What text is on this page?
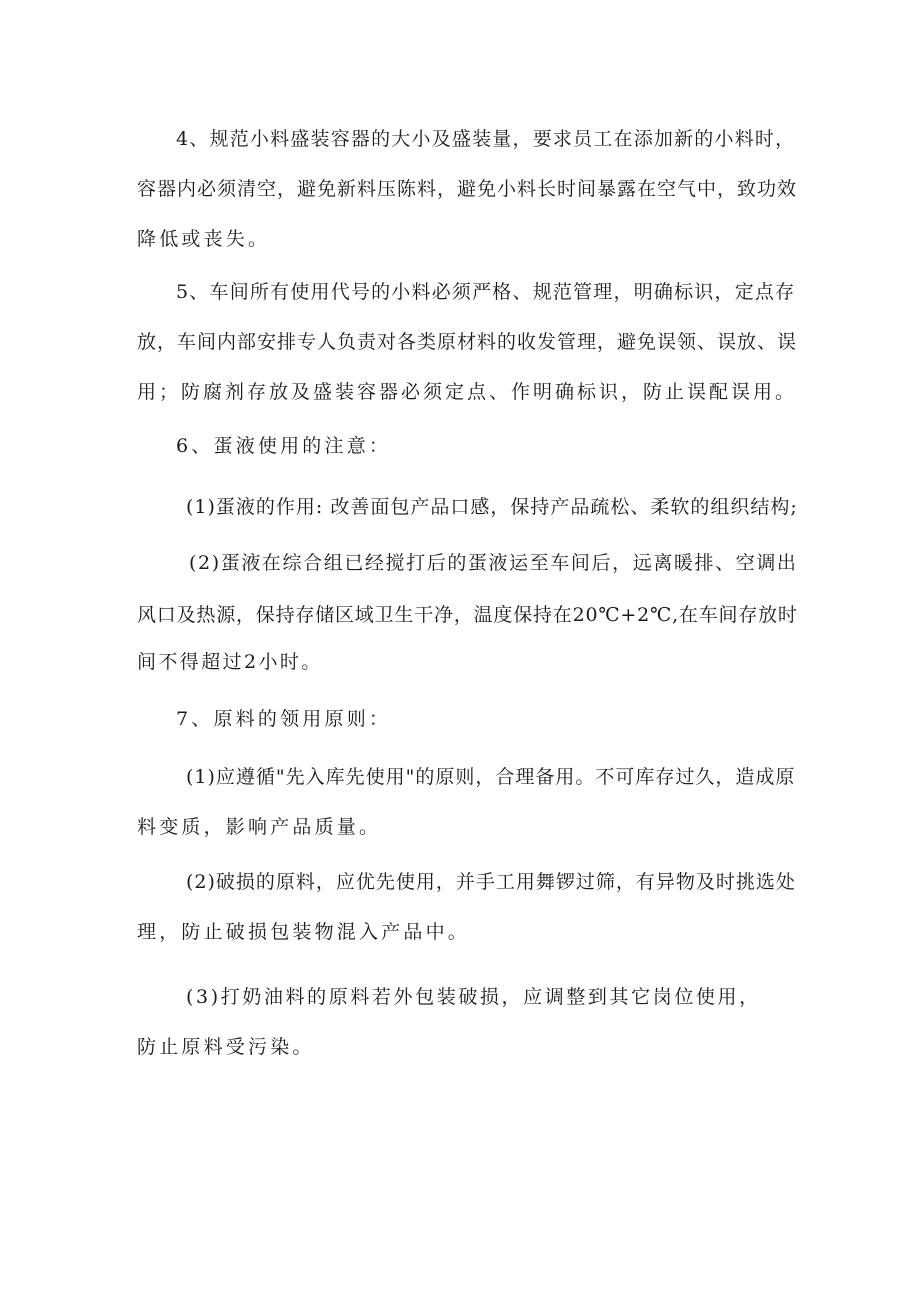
4、规范小料盛装容器的大小及盛装量，要求员工在添加新的小料时，
容器内必须清空，避免新料压陈料，避免小料长时间暴露在空气中，致功效
降低或丧失。
5、车间所有使用代号的小料必须严格、规范管理，明确标识，定点存
放，车间内部安排专人负责对各类原材料的收发管理，避免误领、误放、误
用；防腐剂存放及盛装容器必须定点、作明确标识，防止误配误用。
6、蛋液使用的注意：
(1)蛋液的作用: 改善面包产品口感，保持产品疏松、柔软的组织结构;
(2)蛋液在综合组已经搅打后的蛋液运至车间后，远离暖排、空调出
风口及热源，保持存储区域卫生干净，温度保持在20℃+2℃,在车间存放时
间不得超过2小时。
7、原料的领用原则：
(1)应遵循"先入库先使用"的原则，合理备用。不可库存过久，造成原
料变质，影响产品质量。
(2)破损的原料，应优先使用，并手工用舞锣过筛，有异物及时挑选处
理，防止破损包装物混入产品中。
(3)打奶油料的原料若外包装破损，应调整到其它岗位使用，
防止原料受污染。
